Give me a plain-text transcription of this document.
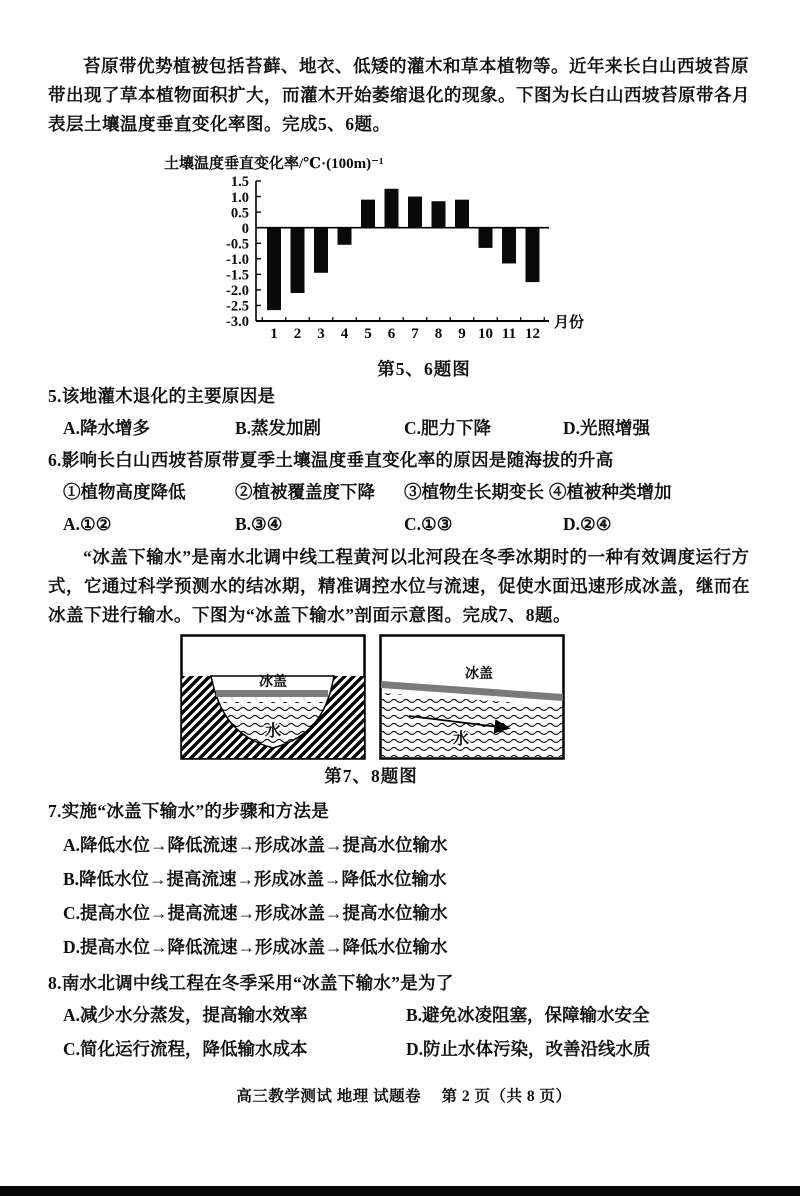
苔原带优势植被包括苔藓、地衣、低矮的灌木和草本植物等。近年来长白山西坡苔原带出现了草本植物面积扩大，而灌木开始萎缩退化的现象。下图为长白山西坡苔原带各月表层土壤温度垂直变化率图。完成5、6题。

土壤温度垂直变化率/℃·(100m)⁻¹
1.5
1.0
0.5
0
-0.5
-1.0
-1.5
-2.0
-2.5
-3.0
1 2 3 4 5 6 7 8 9 10 11 12
月份
第5、6题图
5.该地灌木退化的主要原因是
A.降水增多	B.蒸发加剧	C.肥力下降	D.光照增强
6.影响长白山西坡苔原带夏季土壤温度垂直变化率的原因是随海拔的升高
①植物高度降低	②植被覆盖度下降	③植物生长期变长 ④植被种类增加
A.①②	B.③④	C.①③	D.②④

“冰盖下输水”是南水北调中线工程黄河以北河段在冬季冰期时的一种有效调度运行方式，它通过科学预测水的结冰期，精准调控水位与流速，促使水面迅速形成冰盖，继而在冰盖下进行输水。下图为“冰盖下输水”剖面示意图。完成7、8题。

冰盖
水
冰盖
水
第7、8题图
7.实施“冰盖下输水”的步骤和方法是
A.降低水位→降低流速→形成冰盖→提高水位输水
B.降低水位→提高流速→形成冰盖→降低水位输水
C.提高水位→提高流速→形成冰盖→提高水位输水
D.提高水位→降低流速→形成冰盖→降低水位输水
8.南水北调中线工程在冬季采用“冰盖下输水”是为了
A.减少水分蒸发，提高输水效率	B.避免冰凌阻塞，保障输水安全
C.简化运行流程，降低输水成本	D.防止水体污染，改善沿线水质
高三教学测试 地理 试题卷　 第 2 页（共 8 页）
